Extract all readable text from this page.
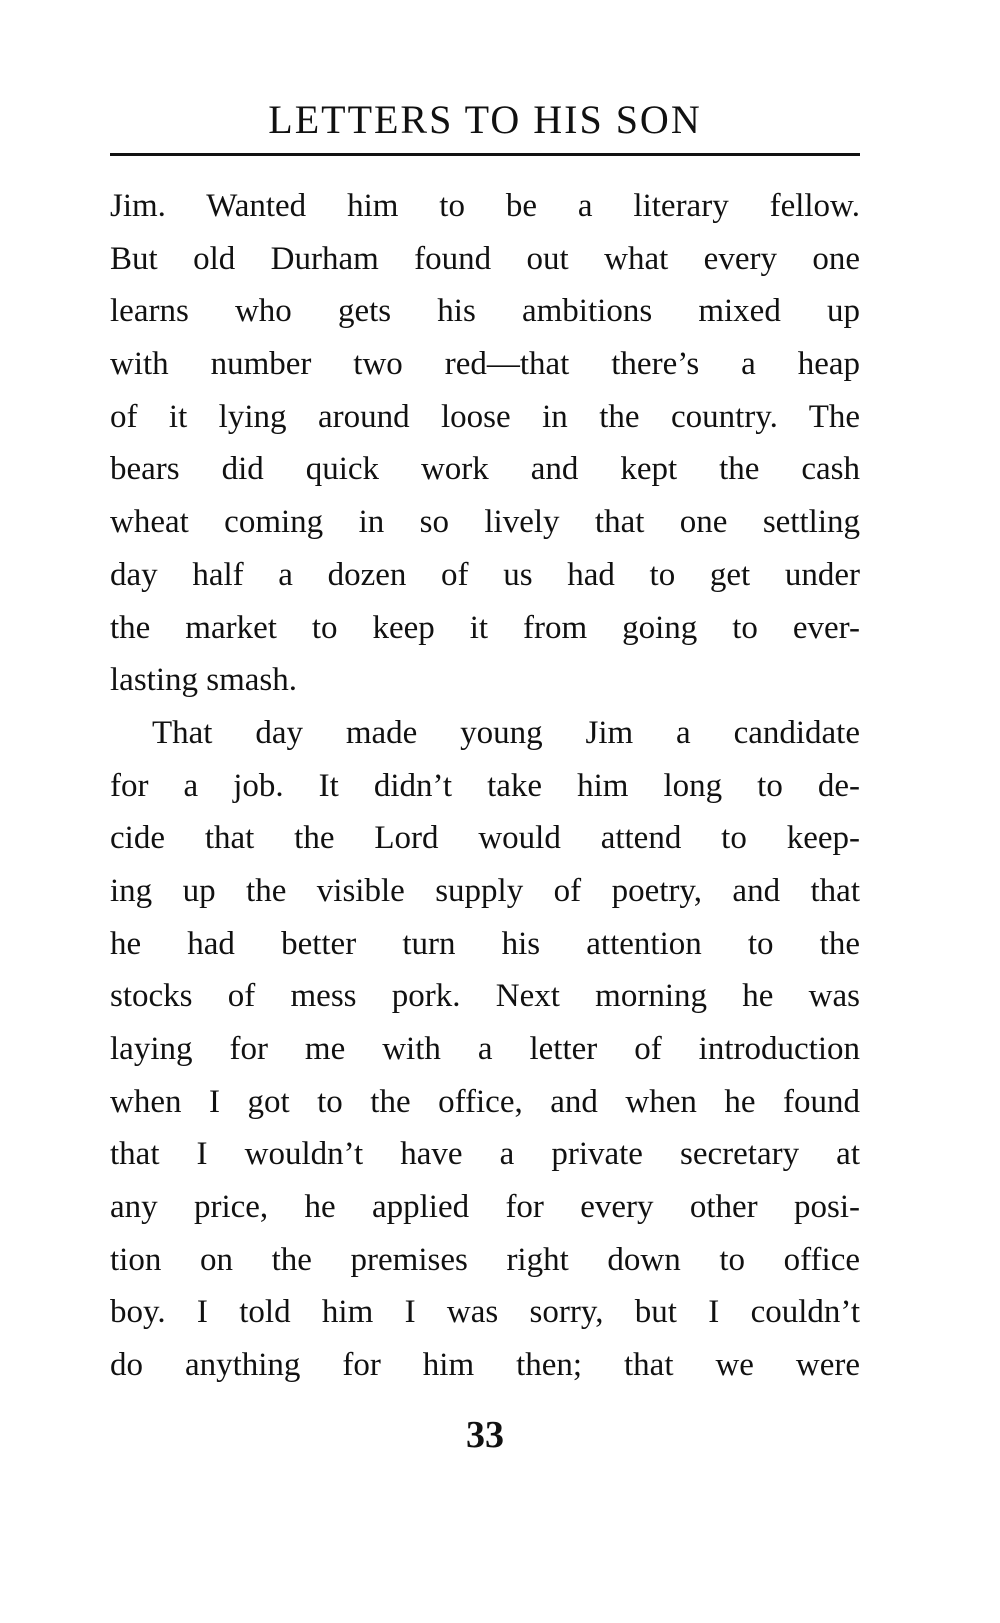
LETTERS TO HIS SON
Jim. Wanted him to be a literary fellow.
But old Durham found out what every one
learns who gets his ambitions mixed up
with number two red—that there’s a heap
of it lying around loose in the country. The
bears did quick work and kept the cash
wheat coming in so lively that one settling
day half a dozen of us had to get under
the market to keep it from going to ever-
lasting smash.
That day made young Jim a candidate
for a job. It didn’t take him long to de-
cide that the Lord would attend to keep-
ing up the visible supply of poetry, and that
he had better turn his attention to the
stocks of mess pork. Next morning he was
laying for me with a letter of introduction
when I got to the office, and when he found
that I wouldn’t have a private secretary at
any price, he applied for every other posi-
tion on the premises right down to office
boy. I told him I was sorry, but I couldn’t
do anything for him then; that we were
33
